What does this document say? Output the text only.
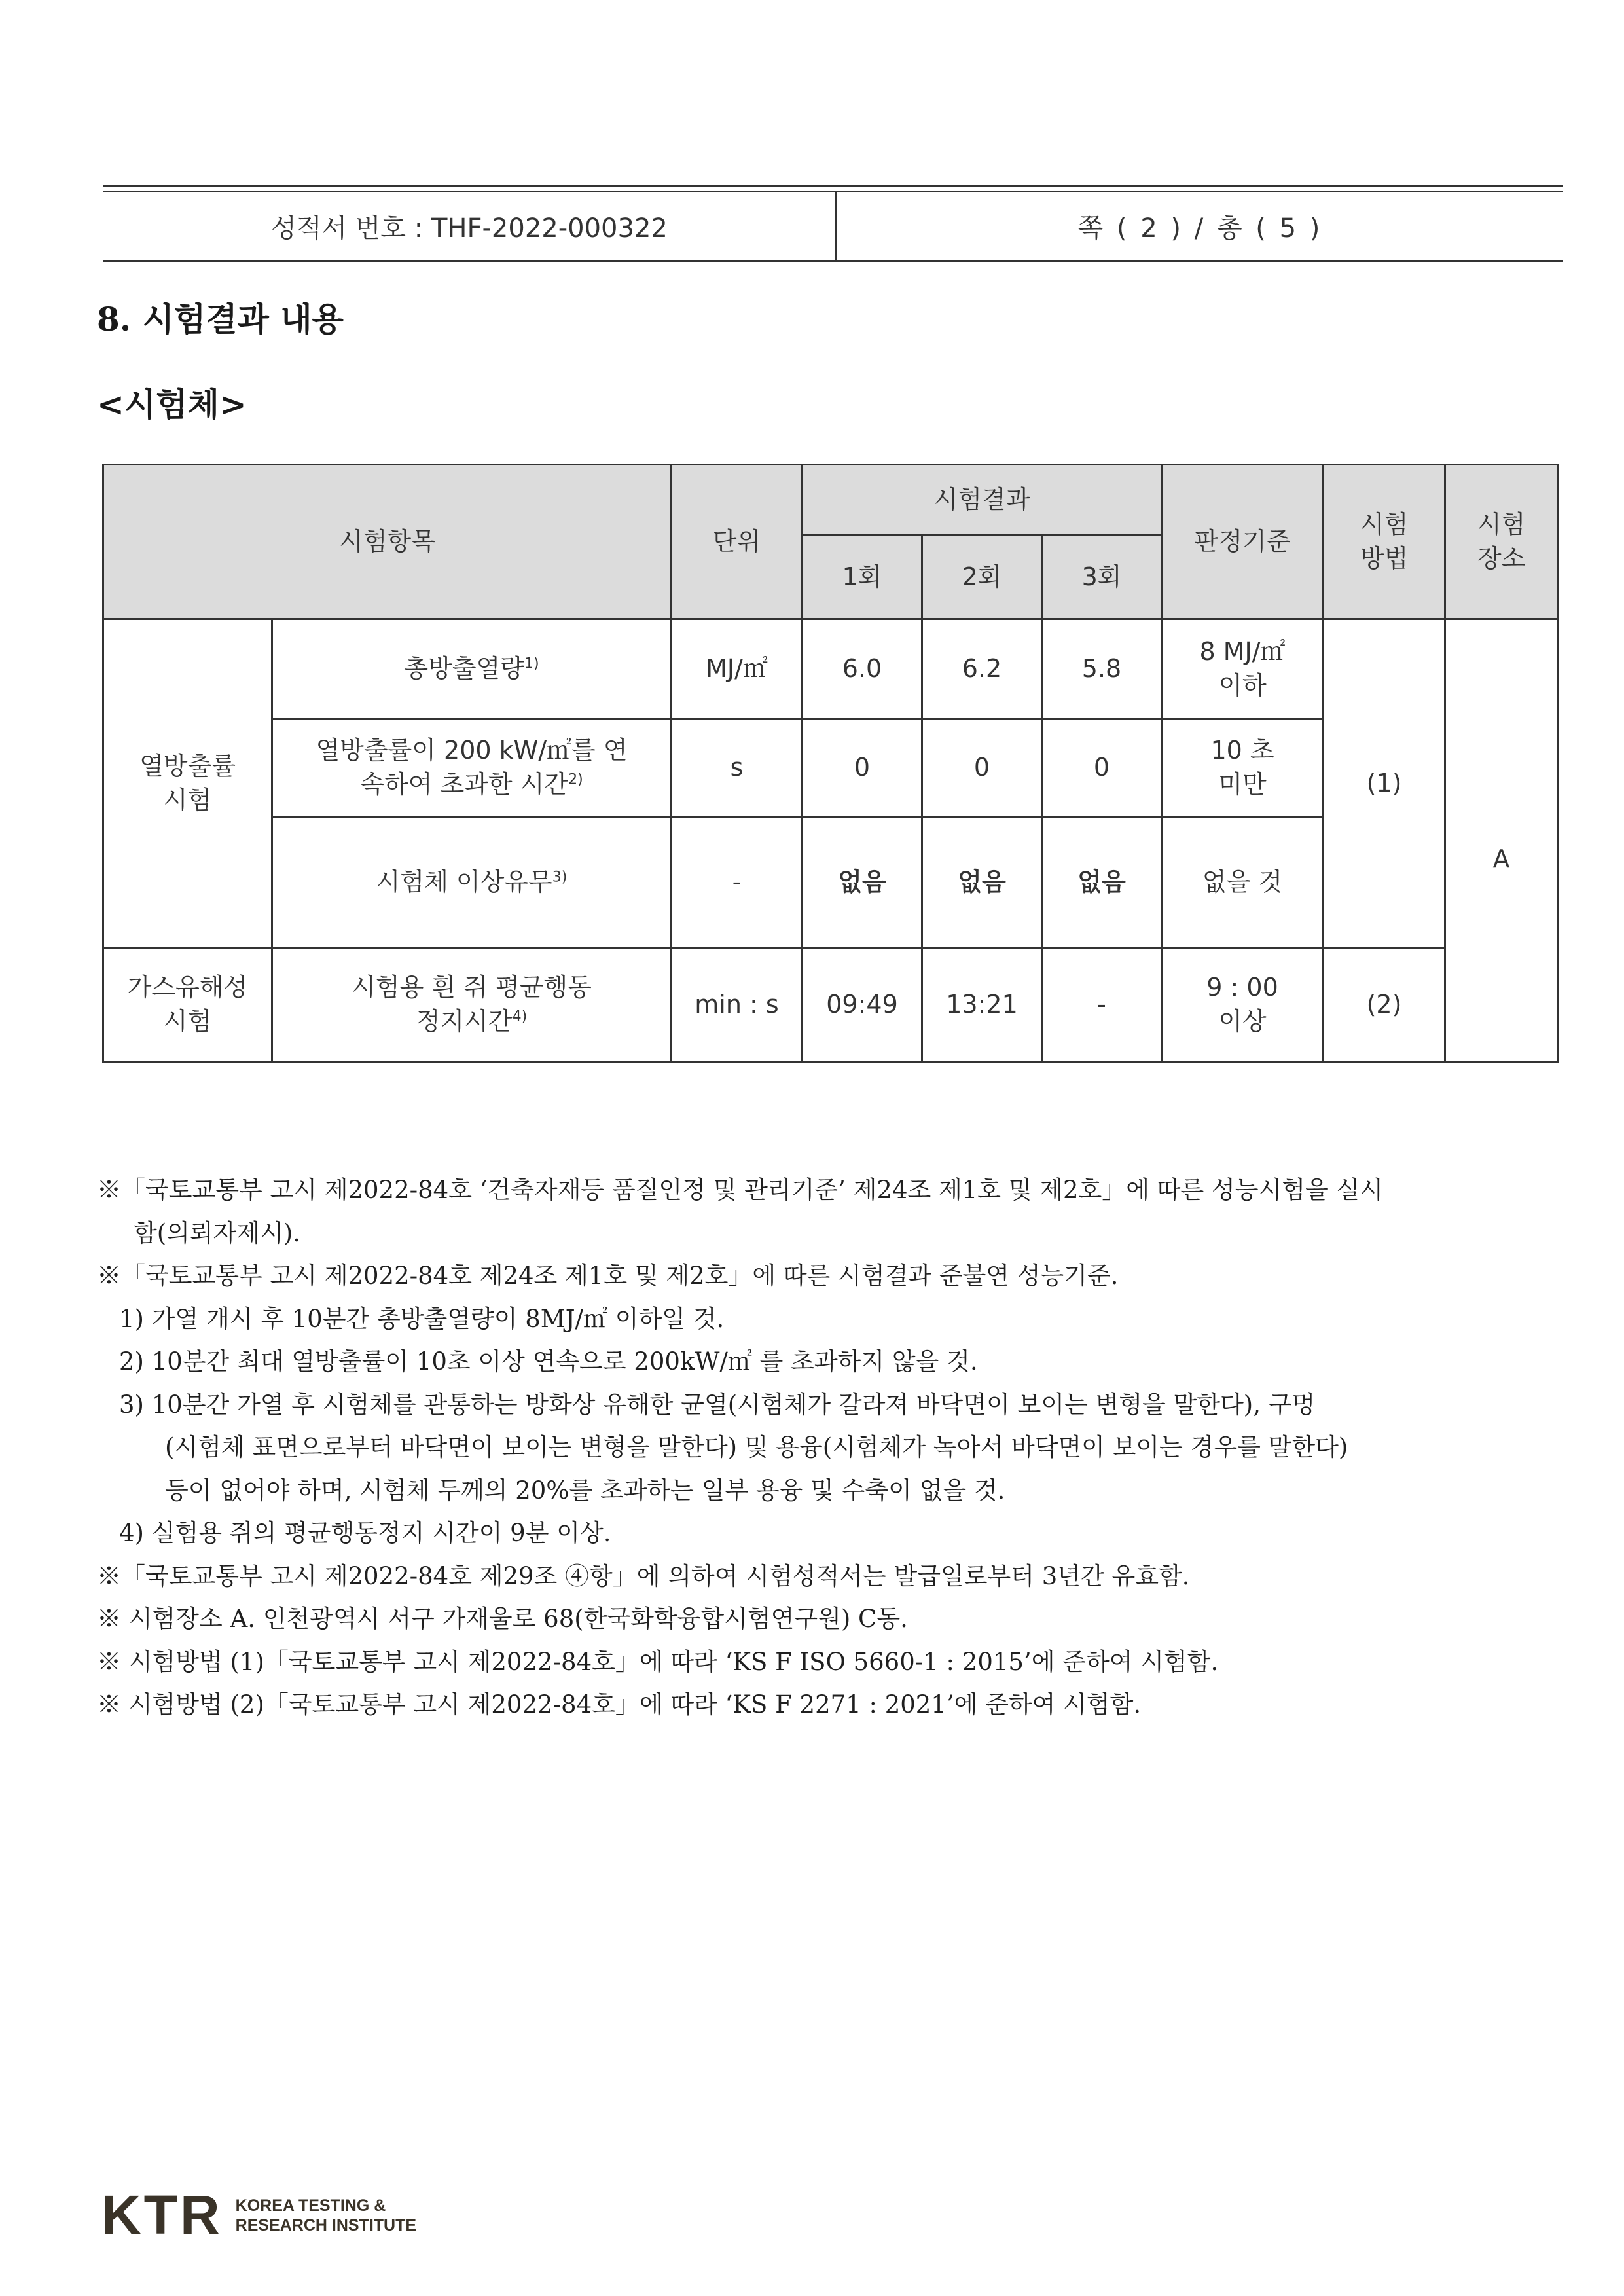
성적서 번호 : THF-2022-000322	쪽 ( 2 ) / 총 ( 5 )
8. 시험결과 내용
<시험체>
시험항목		단위	시험결과			판정기준	시험 방법	시험 장소
			1회	2회	3회			
열방출률 시험	총방출열량$^{1)}$	MJ/㎡	6.0	6.2	5.8	8 MJ/㎡ 이하	(1)	A
	열방출률이 200 kW/㎡를 연속하여 초과한 시간$^{2)}$	s	0	0	0	10 초 미만		
	시험체 이상유무$^{3)}$	-	없음	없음	없음	없을 것		
가스유해성 시험	시험용 흰 쥐 평균행동정지시간$^{4)}$	min : s	09:49	13:21	-	9 : 00 이상	(2)	
※「국토교통부 고시 제2022-84호 ‘건축자재등 품질인정 및 관리기준’ 제24조 제1호 및 제2호」에 따른 성능시험을 실시
함(의뢰자제시).
※「국토교통부 고시 제2022-84호 제24조 제1호 및 제2호」에 따른 시험결과 준불연 성능기준.
1) 가열 개시 후 10분간 총방출열량이 8MJ/㎡ 이하일 것.
2) 10분간 최대 열방출률이 10초 이상 연속으로 200kW/㎡ 를 초과하지 않을 것.
3) 10분간 가열 후 시험체를 관통하는 방화상 유해한 균열(시험체가 갈라져 바닥면이 보이는 변형을 말한다), 구멍
(시험체 표면으로부터 바닥면이 보이는 변형을 말한다) 및 용융(시험체가 녹아서 바닥면이 보이는 경우를 말한다)
등이 없어야 하며, 시험체 두께의 20%를 초과하는 일부 용융 및 수축이 없을 것.
4) 실험용 쥐의 평균행동정지 시간이 9분 이상.
※「국토교통부 고시 제2022-84호 제29조 ④항」에 의하여 시험성적서는 발급일로부터 3년간 유효함.
※ 시험장소 A. 인천광역시 서구 가재울로 68(한국화학융합시험연구원) C동.
※ 시험방법 (1)「국토교통부 고시 제2022-84호」에 따라 ‘KS F ISO 5660-1 : 2015’에 준하여 시험함.
※ 시험방법 (2)「국토교통부 고시 제2022-84호」에 따라 ‘KS F 2271 : 2021’에 준하여 시험함.
KTR KOREA TESTING &
RESEARCH INSTITUTE
